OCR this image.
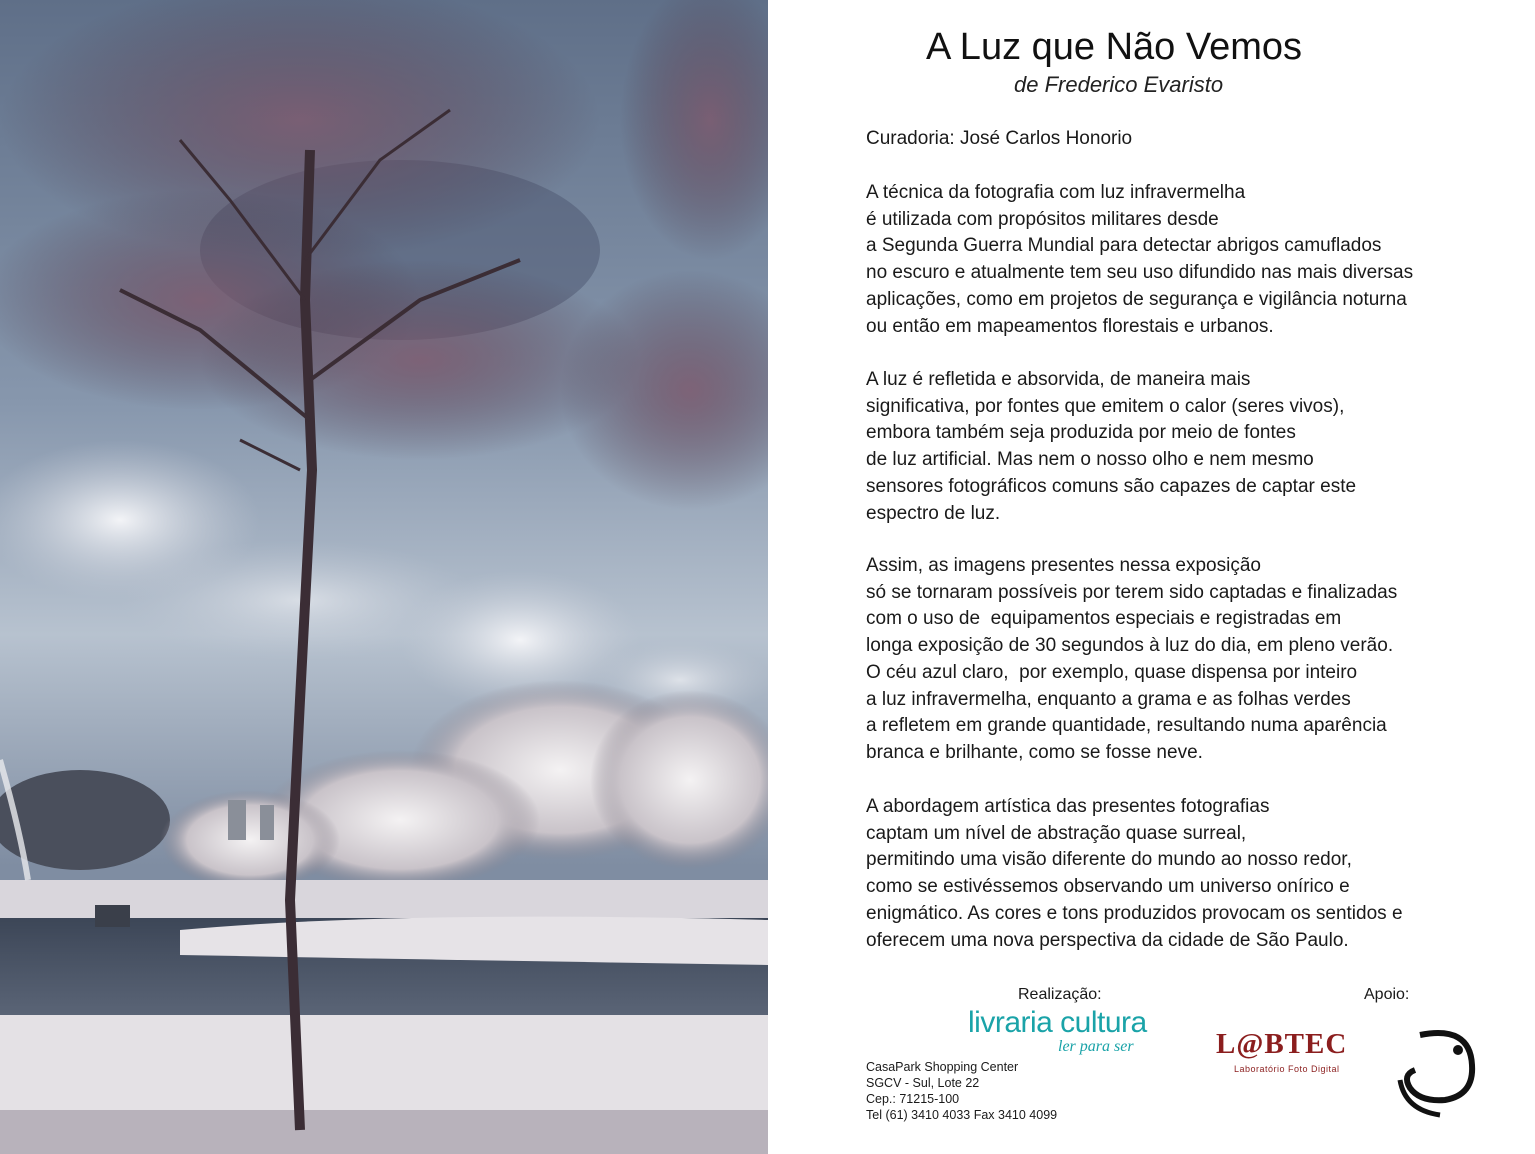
A Luz que Não Vemos
de Frederico Evaristo
Curadoria: José Carlos Honorio

A técnica da fotografia com luz infravermelha
é utilizada com propósitos militares desde
a Segunda Guerra Mundial para detectar abrigos camuflados
no escuro e atualmente tem seu uso difundido nas mais diversas
aplicações, como em projetos de segurança e vigilância noturna
ou então em mapeamentos florestais e urbanos.

A luz é refletida e absorvida, de maneira mais
significativa, por fontes que emitem o calor (seres vivos),
embora também seja produzida por meio de fontes
de luz artificial. Mas nem o nosso olho e nem mesmo
sensores fotográficos comuns são capazes de captar este
espectro de luz.

Assim, as imagens presentes nessa exposição
só se tornaram possíveis por terem sido captadas e finalizadas
com o uso de  equipamentos especiais e registradas em
longa exposição de 30 segundos à luz do dia, em pleno verão.
O céu azul claro,  por exemplo, quase dispensa por inteiro
a luz infravermelha, enquanto a grama e as folhas verdes
a refletem em grande quantidade, resultando numa aparência
branca e brilhante, como se fosse neve.

A abordagem artística das presentes fotografias
captam um nível de abstração quase surreal,
permitindo uma visão diferente do mundo ao nosso redor,
como se estivéssemos observando um universo onírico e
enigmático. As cores e tons produzidos provocam os sentidos e
oferecem uma nova perspectiva da cidade de São Paulo.

Realização:	Apoio:
livraria cultura
ler para ser
CasaPark Shopping Center
SGCV - Sul, Lote 22
Cep.: 71215-100
Tel (61) 3410 4033 Fax 3410 4099
L@BTEC
Laboratório Foto Digital
